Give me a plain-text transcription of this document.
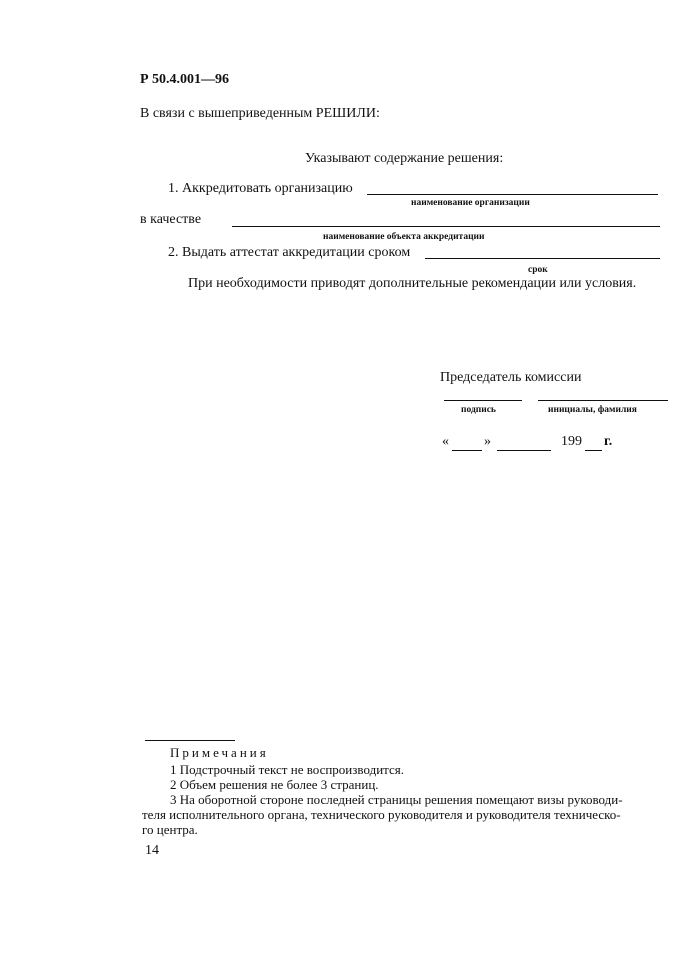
Р 50.4.001—96
В связи с вышеприведенным РЕШИЛИ:
Указывают содержание решения:
1. Аккредитовать организацию
наименование организации
в качестве
наименование объекта аккредитации
2. Выдать аттестат аккредитации сроком
срок
При необходимости приводят дополнительные рекомендации или условия.
Председатель комиссии
подпись	инициалы, фамилия
«	»	199 г.
Примечания
1 Подстрочный текст не воспроизводится.
2 Объем решения не более 3 страниц.
3 На оборотной стороне последней страницы решения помещают визы руководи-
теля исполнительного органа, технического руководителя и руководителя техническо-
го центра.
14
